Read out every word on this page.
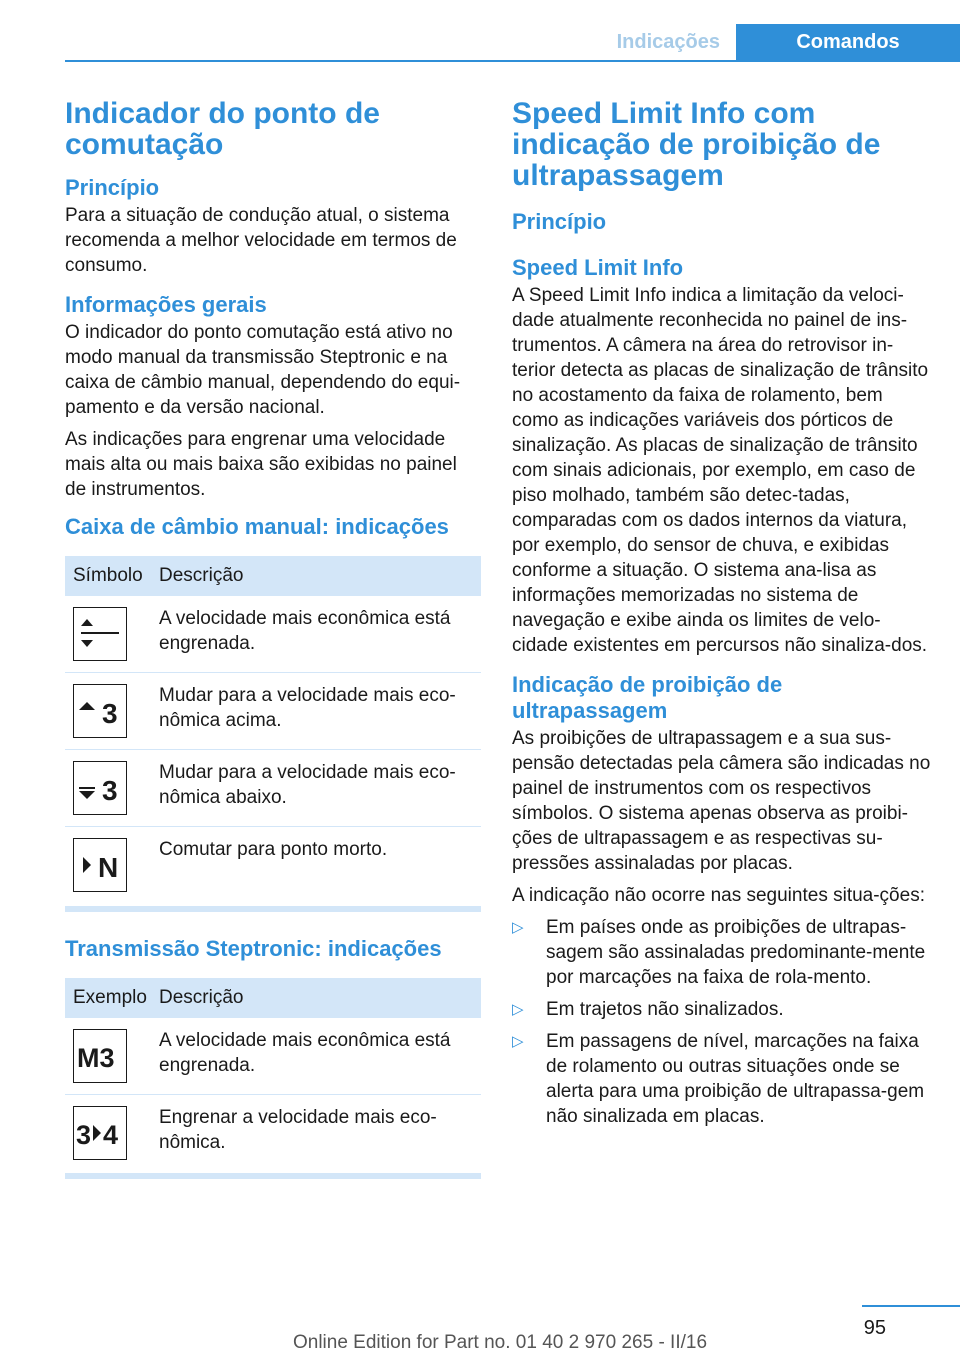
Indicações	Comandos
Indicador do ponto de comutação
Princípio

Para a situação de condução atual, o sistema recomenda a melhor velocidade em termos de consumo.

Informações gerais

O indicador do ponto comutação está ativo no modo manual da transmissão Steptronic e na caixa de câmbio manual, dependendo do equi-pamento e da versão nacional.

As indicações para engrenar uma velocidade mais alta ou mais baixa são exibidas no painel de instrumentos.

Caixa de câmbio manual: indicações
Símbolo	Descrição

	A velocidade mais econômica está engrenada.

3	Mudar para a velocidade mais eco-nômica acima.

3	Mudar para a velocidade mais eco-nômica abaixo.

N	Comutar para ponto morto.
Transmissão Steptronic: indicações
Exemplo	Descrição

M3	A velocidade mais econômica está engrenada.

3 4	Engrenar a velocidade mais eco-nômica.
Speed Limit Info com indicação de proibição de ultrapassagem
Princípio
Speed Limit Info

A Speed Limit Info indica a limitação da veloci-dade atualmente reconhecida no painel de ins-trumentos. A câmera na área do retrovisor in-terior detecta as placas de sinalização de trânsito no acostamento da faixa de rolamento, bem como as indicações variáveis dos pórticos de sinalização. As placas de sinalização de trânsito com sinais adicionais, por exemplo, em caso de piso molhado, também são detec-tadas, comparadas com os dados internos da viatura, por exemplo, do sensor de chuva, e exibidas conforme a situação. O sistema ana-lisa as informações memorizadas no sistema de navegação e exibe ainda os limites de velo-cidade existentes em percursos não sinaliza-dos.

Indicação de proibição de ultrapassagem

As proibições de ultrapassagem e a sua sus-pensão detectadas pela câmera são indicadas no painel de instrumentos com os respectivos símbolos. O sistema apenas observa as proibi-ções de ultrapassagem e as respectivas su-pressões assinaladas por placas.

A indicação não ocorre nas seguintes situa-ções:

▷ Em países onde as proibições de ultrapas-sagem são assinaladas predominante-mente por marcações na faixa de rola-mento.
▷ Em trajetos não sinalizados.
▷ Em passagens de nível, marcações na faixa de rolamento ou outras situações onde se alerta para uma proibição de ultrapassa-gem não sinalizada em placas.
95
Online Edition for Part no. 01 40 2 970 265 - II/16
